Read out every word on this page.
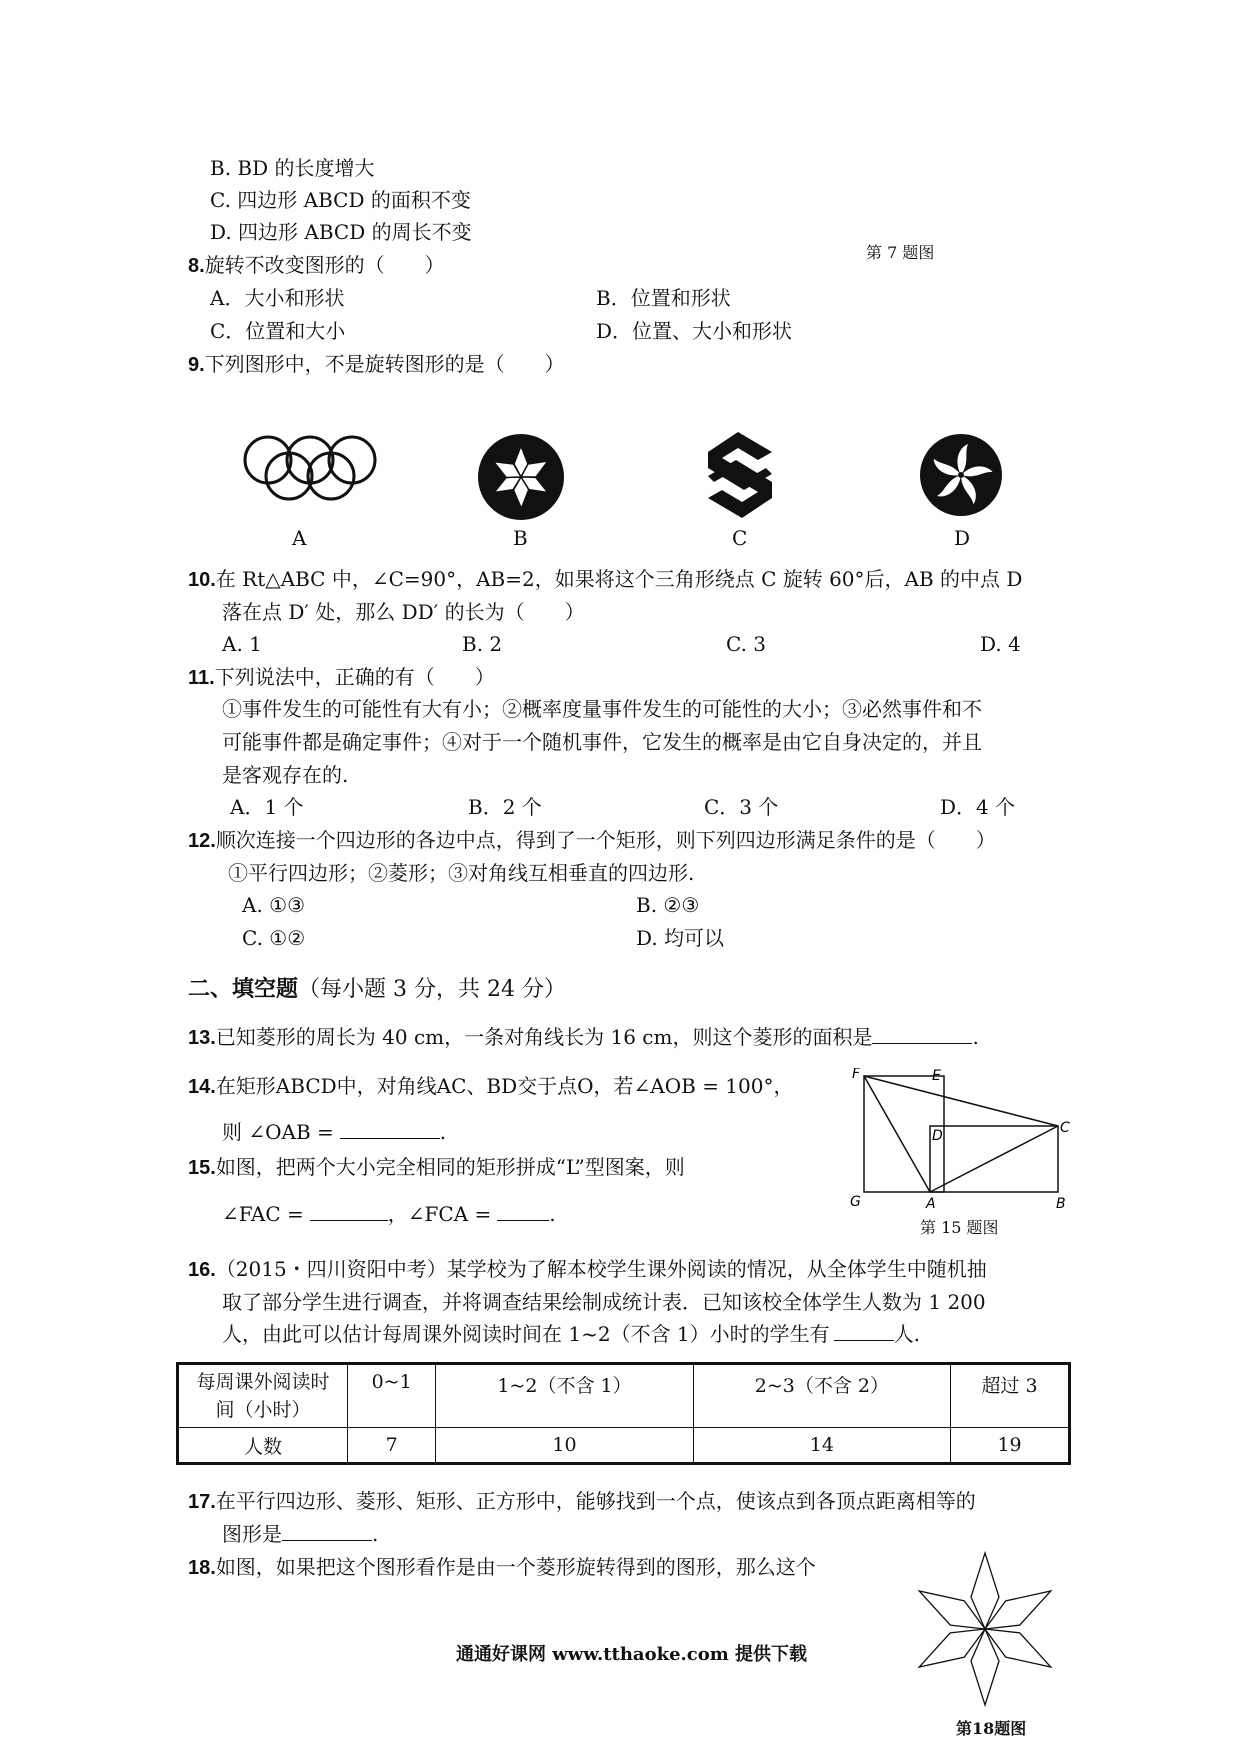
B. BD 的长度增大
C. 四边形 ABCD 的面积不变
D. 四边形 ABCD 的周长不变
第 7 题图
8.旋转不改变图形的（　　）
A．大小和形状	B．位置和形状
C．位置和大小	D．位置、大小和形状
9.下列图形中，不是旋转图形的是（　　）
A	B	C	D
10.在 Rt△ABC 中，∠C=90°，AB=2，如果将这个三角形绕点 C 旋转 60°后，AB 的中点 D
落在点 D′ 处，那么 DD′ 的长为（　　）
A. 1	B. 2	C. 3	D. 4
11.下列说法中，正确的有（　　）
①事件发生的可能性有大有小；②概率度量事件发生的可能性的大小；③必然事件和不
可能事件都是确定事件；④对于一个随机事件，它发生的概率是由它自身决定的，并且
是客观存在的.
A．1 个	B．2 个	C．3 个	D．4 个
12.顺次连接一个四边形的各边中点，得到了一个矩形，则下列四边形满足条件的是（　　）
①平行四边形；②菱形；③对角线互相垂直的四边形.
A. ①③	B. ②③
C. ①②	D. 均可以
二、填空题（每小题 3 分，共 24 分）
13.已知菱形的周长为 40 cm，一条对角线长为 16 cm，则这个菱形的面积是	.
14.在矩形ABCD中，对角线AC、BD交于点O，若∠AOB = 100°，
则 ∠OAB =	.
15.如图，把两个大小完全相同的矩形拼成“L”型图案，则
∠FAC =	，∠FCA =	.
F	E
D	C
G	A	B
第 15 题图
16.（2015・四川资阳中考）某学校为了解本校学生课外阅读的情况，从全体学生中随机抽
取了部分学生进行调查，并将调查结果绘制成统计表．已知该校全体学生人数为 1 200
人，由此可以估计每周课外阅读时间在 1~2（不含 1）小时的学生有	人.
每周课外阅读时
间（小时）	0~1	1~2（不含 1）	2~3（不含 2）	超过 3
人数	7	10	14	19
17.在平行四边形、菱形、矩形、正方形中，能够找到一个点，使该点到各顶点距离相等的
图形是	.
18.如图，如果把这个图形看作是由一个菱形旋转得到的图形，那么这个
第18题图
通通好课网 www.tthaoke.com 提供下载
